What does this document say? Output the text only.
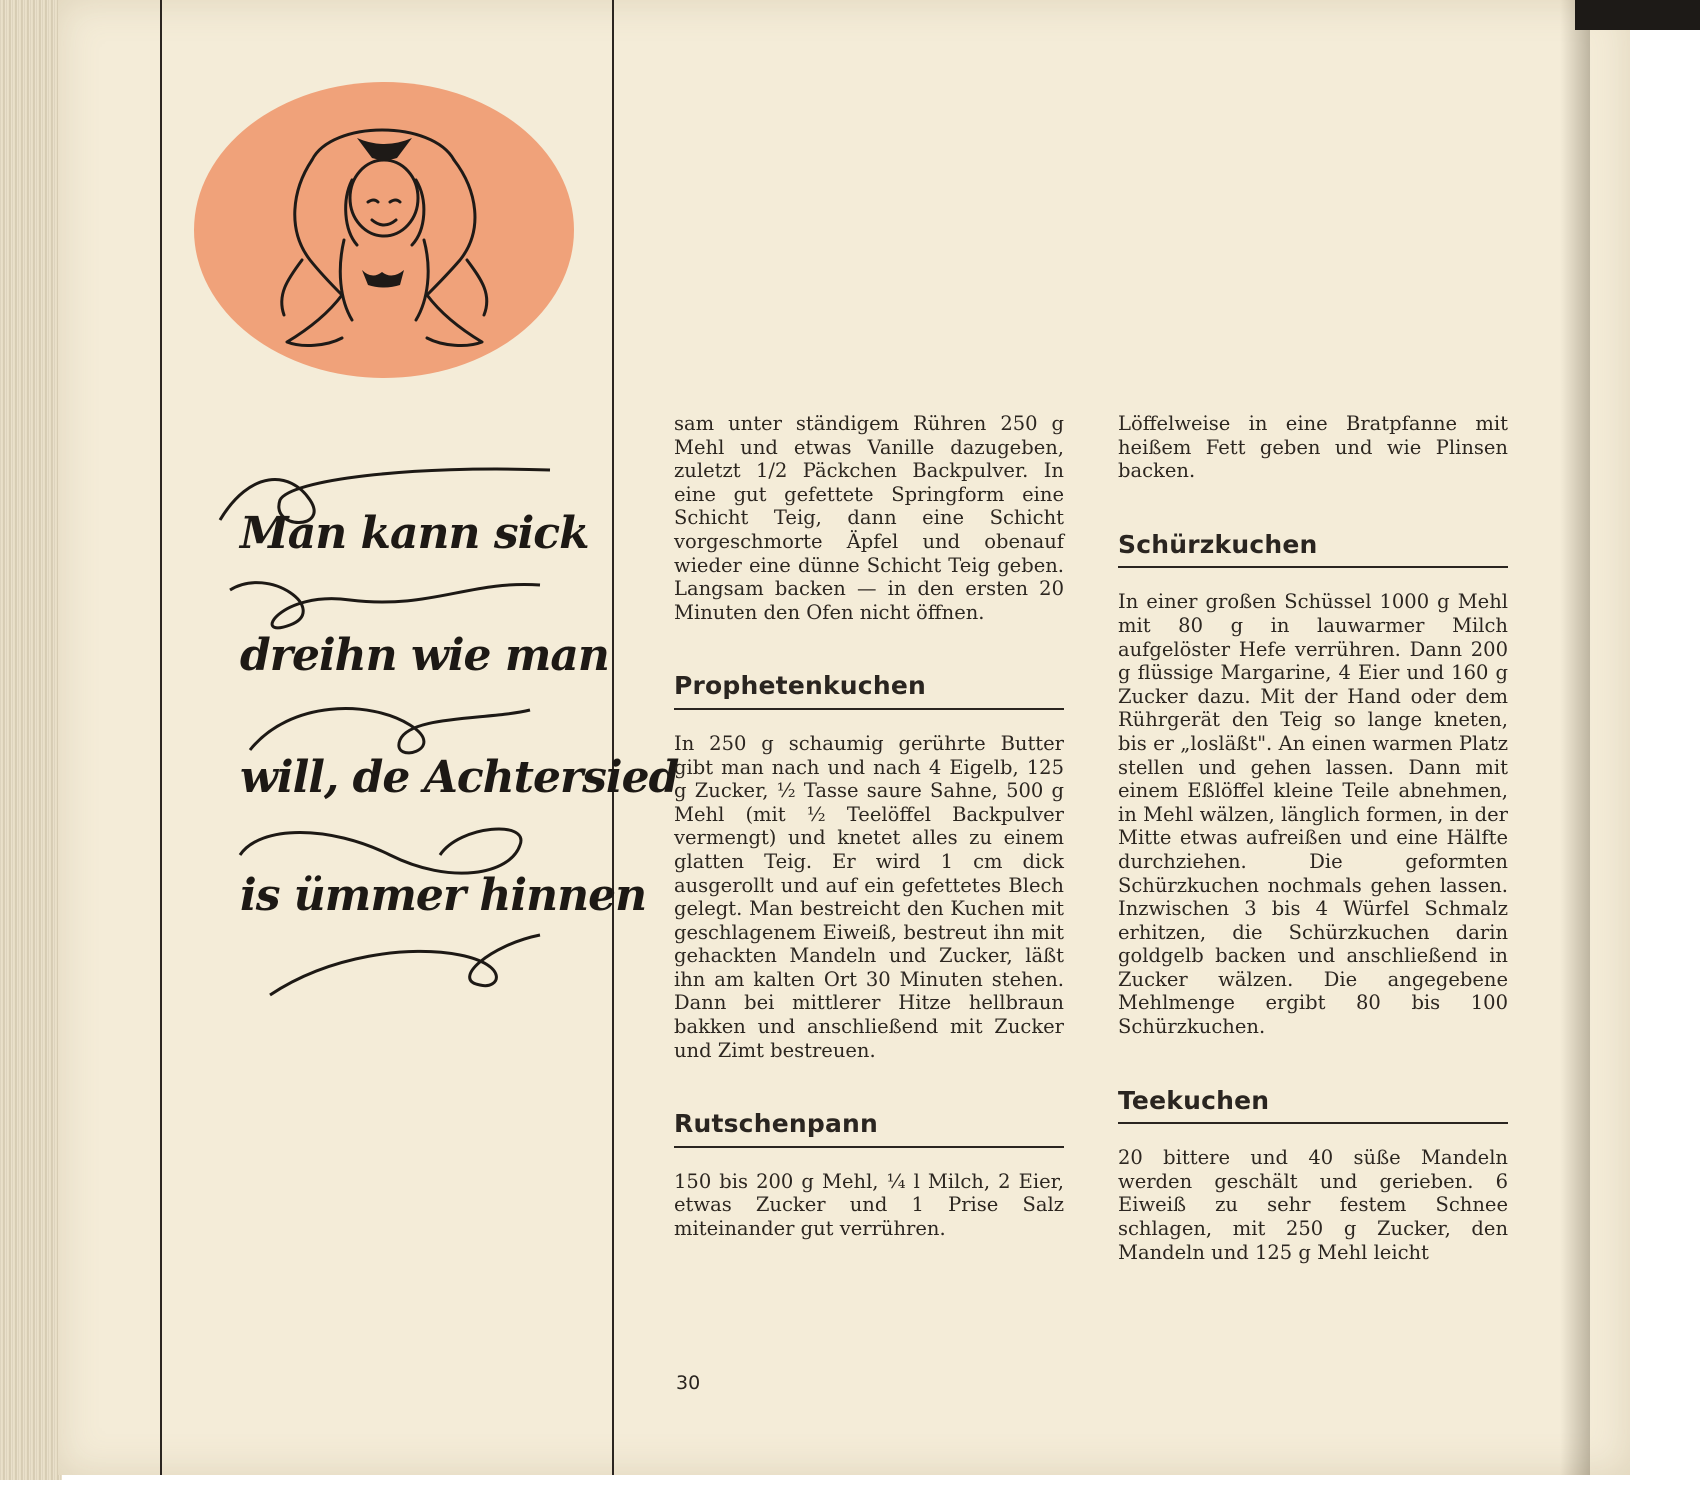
Man kann sick
dreihn wie man
will, de Achtersied
is ümmer hinnen

sam unter ständigem Rühren 250 g Mehl und etwas Vanille dazugeben, zuletzt 1/2 Päckchen Backpulver. In eine gut gefettete Springform eine Schicht Teig, dann eine Schicht vorgeschmorte Äpfel und obenauf wieder eine dünne Schicht Teig geben. Langsam backen — in den ersten 20 Minuten den Ofen nicht öffnen.

Prophetenkuchen

In 250 g schaumig gerührte Butter gibt man nach und nach 4 Eigelb, 125 g Zucker, ½ Tasse saure Sahne, 500 g Mehl (mit ½ Teelöffel Backpulver vermengt) und knetet alles zu einem glatten Teig. Er wird 1 cm dick ausgerollt und auf ein gefettetes Blech gelegt. Man bestreicht den Kuchen mit geschlagenem Eiweiß, bestreut ihn mit gehackten Mandeln und Zucker, läßt ihn am kalten Ort 30 Minuten stehen. Dann bei mittlerer Hitze hellbraun bakken und anschließend mit Zucker und Zimt bestreuen.

Rutschenpann

150 bis 200 g Mehl, ¼ l Milch, 2 Eier, etwas Zucker und 1 Prise Salz miteinander gut verrühren.

Löffelweise in eine Bratpfanne mit heißem Fett geben und wie Plinsen backen.

Schürzkuchen

In einer großen Schüssel 1000 g Mehl mit 80 g in lauwarmer Milch aufgelöster Hefe verrühren. Dann 200 g flüssige Margarine, 4 Eier und 160 g Zucker dazu. Mit der Hand oder dem Rührgerät den Teig so lange kneten, bis er „losläßt". An einen warmen Platz stellen und gehen lassen. Dann mit einem Eßlöffel kleine Teile abnehmen, in Mehl wälzen, länglich formen, in der Mitte etwas aufreißen und eine Hälfte durchziehen. Die geformten Schürzkuchen nochmals gehen lassen. Inzwischen 3 bis 4 Würfel Schmalz erhitzen, die Schürzkuchen darin goldgelb backen und anschließend in Zucker wälzen. Die angegebene Mehlmenge ergibt 80 bis 100 Schürzkuchen.

Teekuchen

20 bittere und 40 süße Mandeln werden geschält und gerieben. 6 Eiweiß zu sehr festem Schnee schlagen, mit 250 g Zucker, den Mandeln und 125 g Mehl leicht

30
